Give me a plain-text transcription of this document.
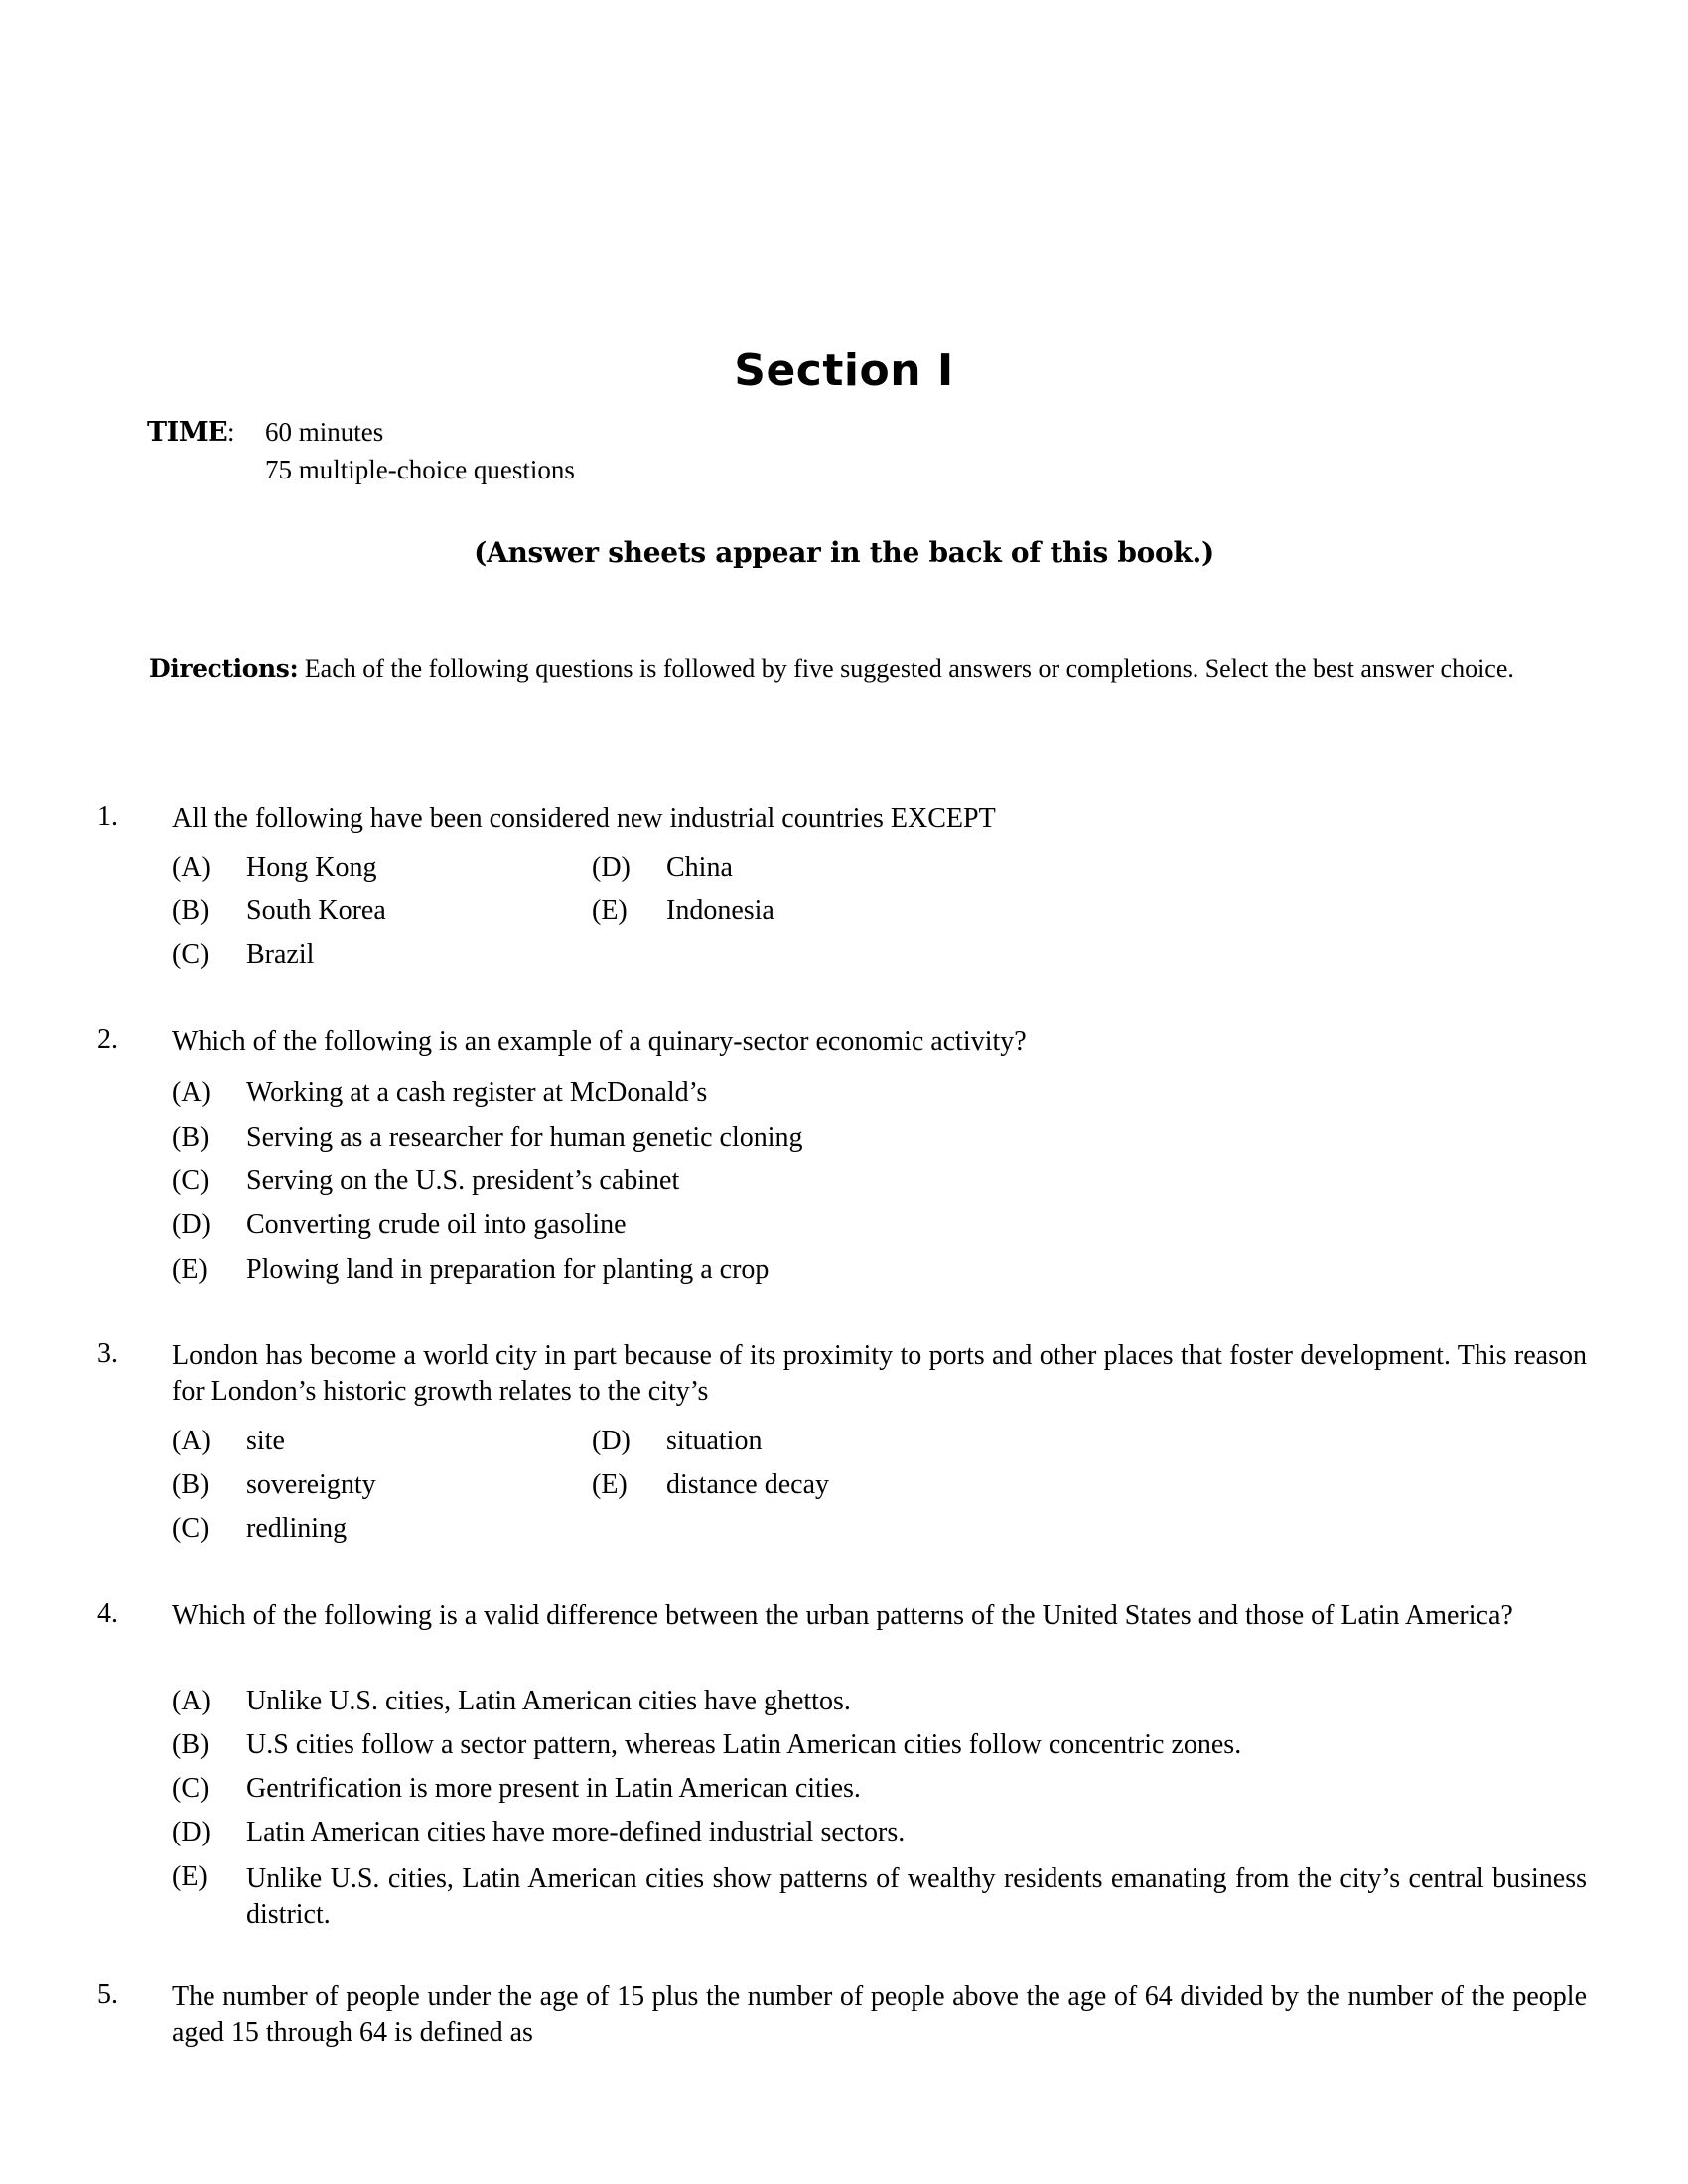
Section I
TIME : 60 minutes
75 multiple-choice questions
(Answer sheets appear in the back of this book.)
Directions: Each of the following questions is followed by five suggested answers or completions. Select the best answer choice.
1. All the following have been considered new industrial countries EXCEPT
(A) Hong Kong
(B) South Korea
(C) Brazil
(D) China
(E) Indonesia
2. Which of the following is an example of a quinary-sector economic activity?
(A) Working at a cash register at McDonald’s
(B) Serving as a researcher for human genetic cloning
(C) Serving on the U.S. president’s cabinet
(D) Converting crude oil into gasoline
(E) Plowing land in preparation for planting a crop
3. London has become a world city in part because of its proximity to ports and other places that foster development. This reason for London’s historic growth relates to the city’s
(A) site
(B) sovereignty
(C) redlining
(D) situation
(E) distance decay
4. Which of the following is a valid difference between the urban patterns of the United States and those of Latin America?
(A) Unlike U.S. cities, Latin American cities have ghettos.
(B) U.S cities follow a sector pattern, whereas Latin American cities follow concentric zones.
(C) Gentrification is more present in Latin American cities.
(D) Latin American cities have more-defined industrial sectors.
(E) Unlike U.S. cities, Latin American cities show patterns of wealthy residents emanating from the city’s central business district.
5. The number of people under the age of 15 plus the number of people above the age of 64 divided by the number of the people aged 15 through 64 is defined as
